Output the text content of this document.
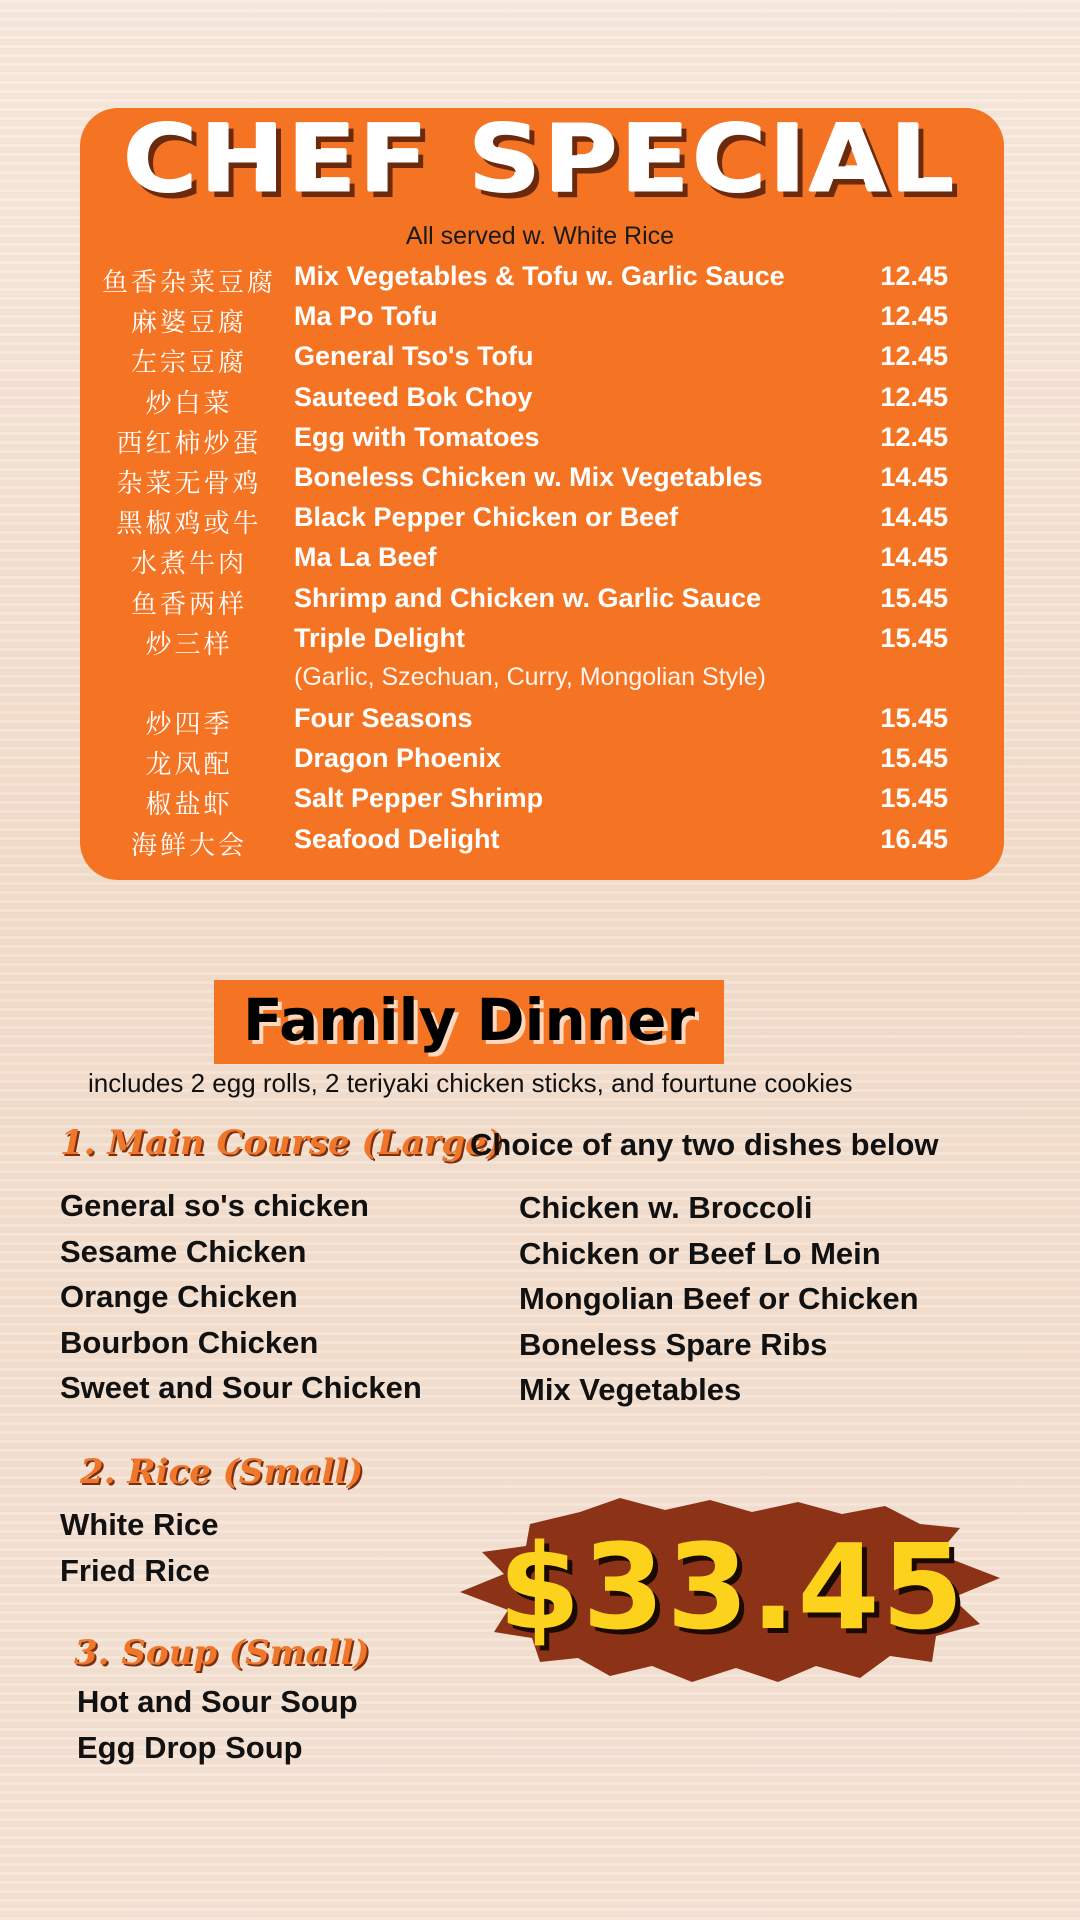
CHEF SPECIAL
All served w. White Rice
鱼香杂菜豆腐 Mix Vegetables & Tofu w. Garlic Sauce	12.45
麻婆豆腐	Ma Po Tofu	12.45
左宗豆腐	General Tso's Tofu	12.45
炒白菜	Sauteed Bok Choy	12.45
西红柿炒蛋	Egg with Tomatoes	12.45
杂菜无骨鸡	Boneless Chicken w. Mix Vegetables	14.45
黑椒鸡或牛	Black Pepper Chicken or Beef	14.45
水煮牛肉	Ma La Beef	14.45
鱼香两样	Shrimp and Chicken w. Garlic Sauce	15.45
炒三样	Triple Delight	15.45
(Garlic, Szechuan, Curry, Mongolian Style)
炒四季	Four Seasons	15.45
龙凤配	Dragon Phoenix	15.45
椒盐虾	Salt Pepper Shrimp	15.45
海鲜大会	Seafood Delight	16.45
Family Dinner
includes 2 egg rolls, 2 teriyaki chicken sticks, and fourtune cookies
1. Main Course (Large)
Choice of any two dishes below
General so's chicken
Sesame Chicken
Orange Chicken
Bourbon Chicken
Sweet and Sour Chicken
Chicken w. Broccoli
Chicken or Beef Lo Mein
Mongolian Beef or Chicken
Boneless Spare Ribs
Mix Vegetables
2. Rice (Small)
White Rice
Fried Rice
3. Soup (Small)
Hot and Sour Soup
Egg Drop Soup
$33.45
